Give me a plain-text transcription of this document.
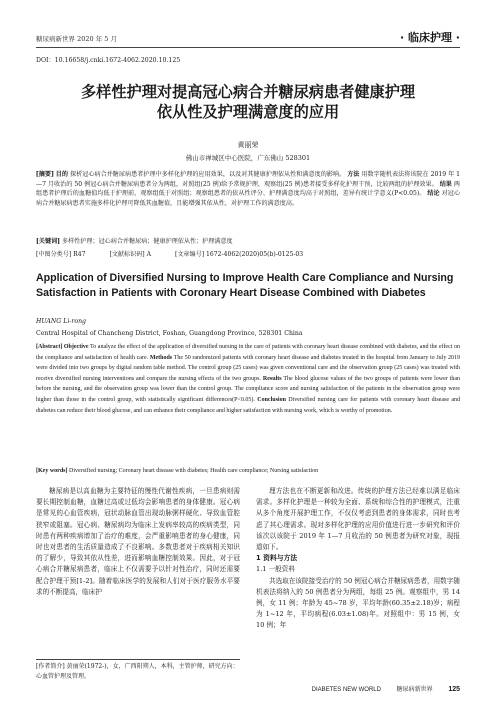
糖尿病新世界 2020 年 5 月	· 临床护理 ·
DOI：10.16658/j.cnki.1672-4062.2020.10.125
多样性护理对提高冠心病合并糖尿病患者健康护理
依从性及护理满意度的应用
黄丽荣
佛山市禅城区中心医院，广东佛山 528301
[摘要] 目的 探析冠心病合并糖尿病患者护理中多样化护理的应用效果，以及对其健康护理依从性和满意度的影响。 方法 用数字随机表法将该院在 2019 年 1—7 月收治的 50 例冠心病合并糖尿病患者分为两组，对照组(25 例)给予常规护理，观察组(25 例)患者接受多样化护理干预，比较两组的护理效果。 结果 两组患者护理后的血糖值均低于护理前，观察组低于对照组；观察组患者的依从性评分、护理满意度均高于对照组，差异有统计学意义(P<0.05)。 结论 对冠心病合并糖尿病患者实施多样化护理可降低其血糖值，且能增强其依从性，对护理工作的满意度高。
[关键词] 多样性护理；冠心病合并糖尿病；健康护理依从性；护理满意度
[中图分类号] R47	[文献标识码] A	[文章编号] 1672-4062(2020)05(b)-0125-03
Application of Diversified Nursing to Improve Health Care Compliance and Nursing Satisfaction in Patients with Coronary Heart Disease Combined with Diabetes
HUANG Li-rong
Central Hospital of Chancheng District, Foshan, Guangdong Province, 528301 China
[Abstract] Objective To analyze the effect of the application of diversified nursing in the care of patients with coronary heart disease combined with diabetes, and the effect on the compliance and satisfaction of health care. Methods The 50 randomized patients with coronary heart disease and diabetes treated in the hospital from January to July 2019 were divided into two groups by digital random table method. The control group (25 cases) was given conventional care and the observation group (25 cases) was treated with receive diversified nursing interventions and compare the nursing effects of the two groups. Results The blood glucose values of the two groups of patients were lower than before the nursing, and the observation group was lower than the control group. The compliance score and nursing satisfaction of the patients in the observation group were higher than those in the control group, with statistically significant differences(P<0.05). Conclusion Diversified nursing care for patients with coronary heart disease and diabetes can reduce their blood glucose, and can enhance their compliance and higher satisfaction with nursing work, which is worthy of promotion.
[Key words] Diversified nursing; Coronary heart disease with diabetes; Health care compliance; Nursing satisfaction

糖尿病是以高血糖为主要特征的慢性代谢性疾病，一旦患病则需要长期控制血糖，血糖过高或过低均会影响患者的身体健康。冠心病是常见的心血管疾病，冠状动脉血管出现动脉粥样硬化、导致血管腔狭窄或阻塞。冠心病、糖尿病均为临床上发病率较高的疾病类型，同时患有两种疾病增加了治疗的难度，会严重影响患者的身心健康，同时也对患者的生活质量造成了不良影响。多数患者对于疾病相关知识的了解少，导致其依从性差，进而影响血糖控制效果。因此，对于冠心病合并糖尿病患者，临床上不仅需要予以针对性治疗，同时还需要配合护理干预[1-2]。随着临床医学的发展和人们对于医疗服务水平要求的不断提高，临床护

理方法也在不断更新和改进。传统的护理方法已经难以满足临床需求。多样化护理是一种较为全面、系统和综合性的护理模式，注重从多个角度开展护理工作，不仅仅考虑到患者的身体需求，同时也考虑了其心理需求。现对多样化护理的应用价值进行进一步研究和评价该次以该院于 2019 年 1—7 月收治的 50 例患者为研究对象，现报道如下。

1 资料与方法

1.1 一般资料

共选取在该院接受治疗的 50 例冠心病合并糖尿病患者，用数字随机表法将纳入的 50 例患者分为两组，每组 25 例。观察组中，男 14 例，女 11 例；年龄为 45~78 岁，平均年龄(60.35±2.18)岁；病程为 1~12 年，平均病程(6.03±1.08)年。对照组中：男 15 例，女 10 例；年

[作者简介] 黄丽荣(1972-)，女，广西阳朔人，本科，主管护师，研究方向：心血管护理及管理。
DIABETES NEW WORLD	糖尿病新世界 125
